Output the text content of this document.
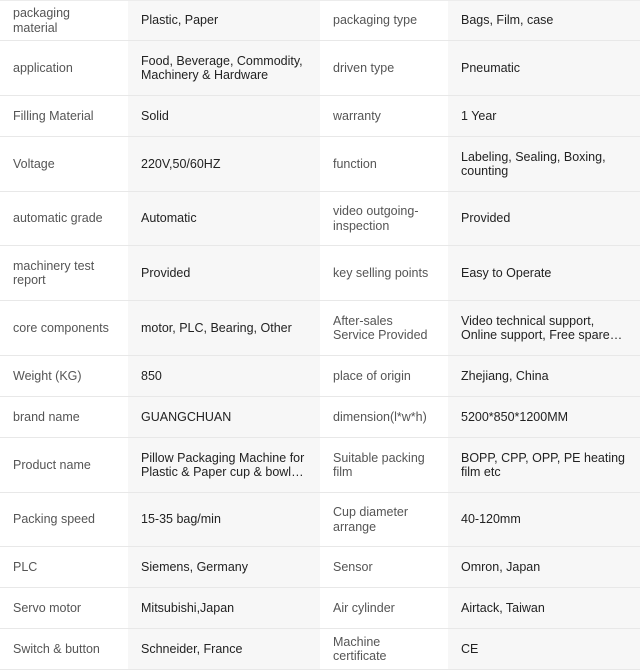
packaging material	Plastic, Paper	packaging type	Bags, Film, case
application	Food, Beverage, Commodity, Machinery & Hardware	driven type	Pneumatic
Filling Material	Solid	warranty	1 Year
Voltage	220V,50/60HZ	function	Labeling, Sealing, Boxing, counting
automatic grade	Automatic	video outgoing-inspection	Provided
machinery test report	Provided	key selling points	Easy to Operate
core components	motor, PLC, Bearing, Other	After-sales Service Provided	Video technical support, Online support, Free spare…

Weight (KG)	850	place of origin	Zhejiang, China
brand name	GUANGCHUAN	dimension(l*w*h)	5200*850*1200MM
Product name	Pillow Packaging Machine for Plastic & Paper cup & bowl…	Suitable packing film	BOPP, CPP, OPP, PE heating film etc
Packing speed	15-35 bag/min	Cup diameter arrange	40-120mm
PLC	Siemens, Germany	Sensor	Omron, Japan
Servo motor	Mitsubishi,Japan	Air cylinder	Airtack, Taiwan
Switch & button	Schneider, France	Machine certificate	CE
